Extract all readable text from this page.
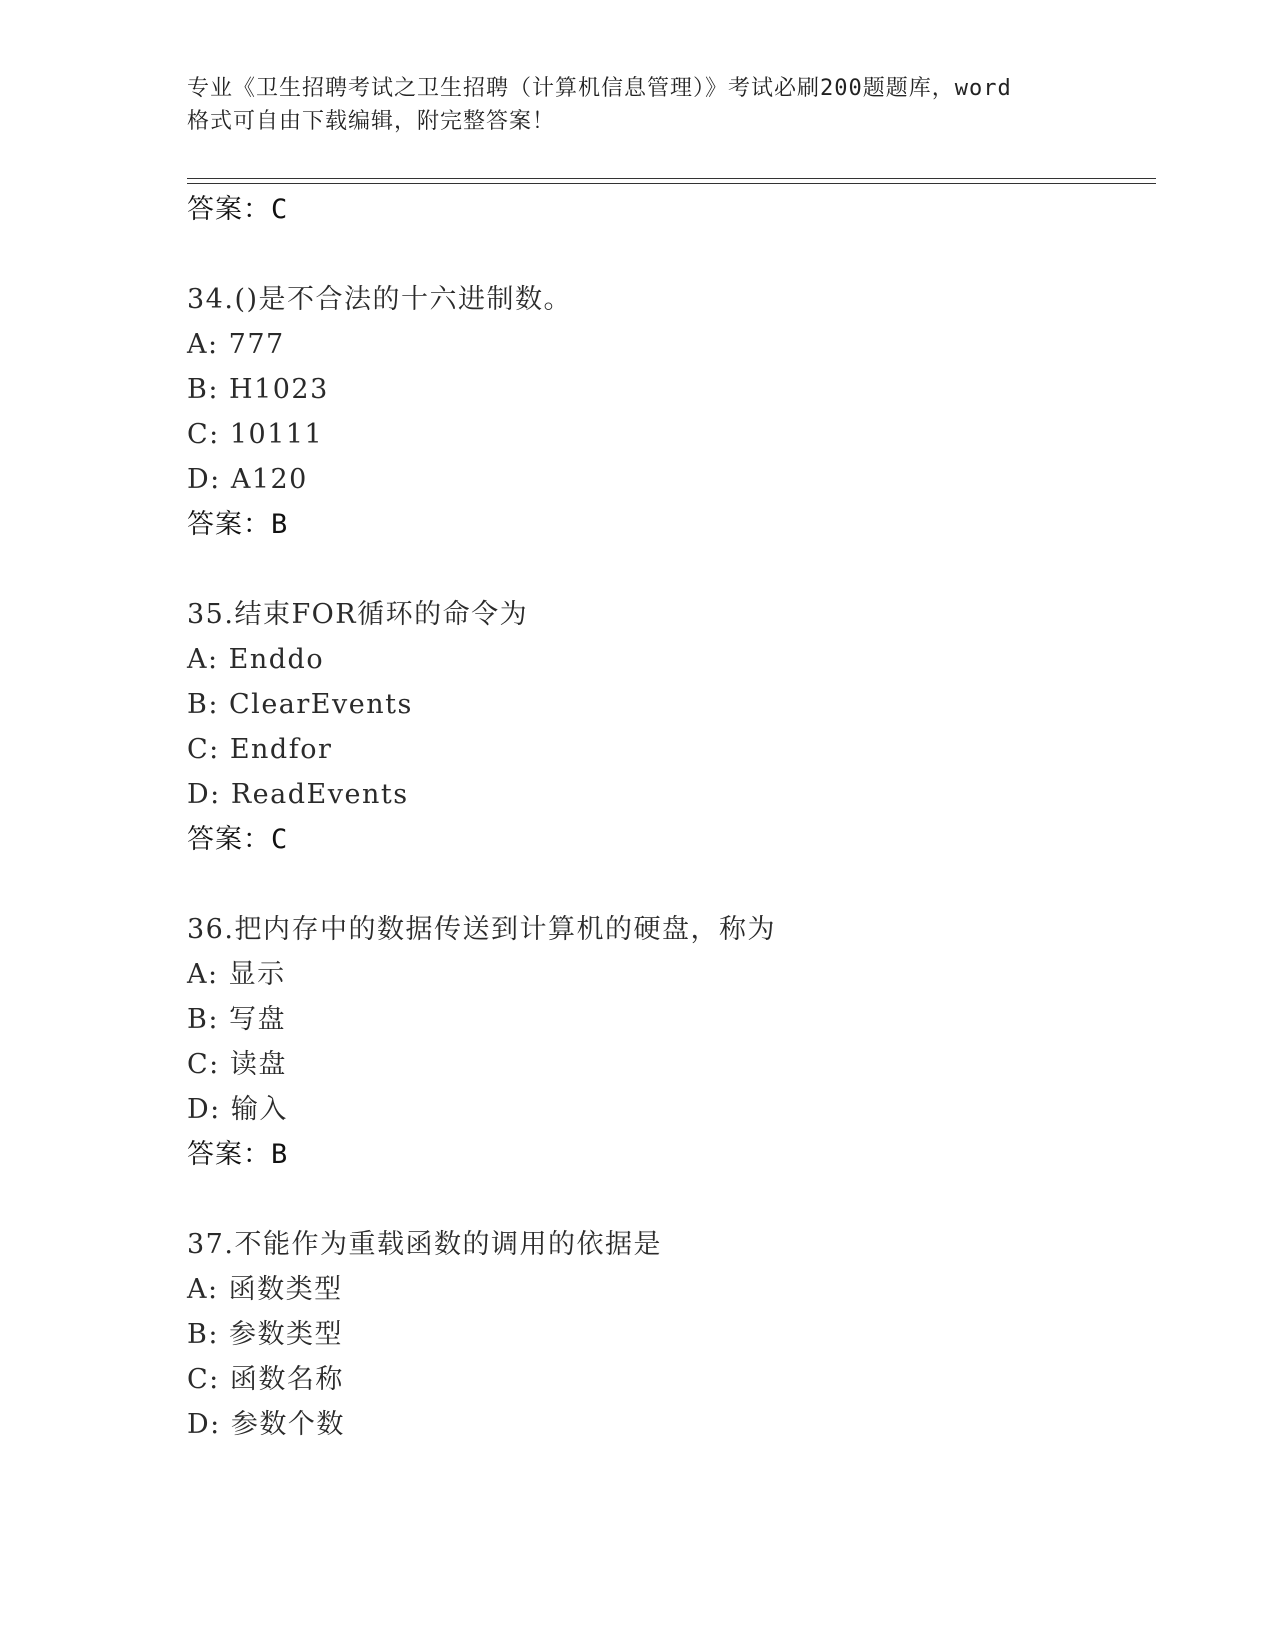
专业《卫生招聘考试之卫生招聘（计算机信息管理）》考试必刷200题题库，word
格式可自由下载编辑，附完整答案！
答案：C
34.()是不合法的十六进制数。
A: 777
B: H1023
C: 10111
D: A120
答案：B
35.结束FOR循环的命令为
A: Enddo
B: ClearEvents
C: Endfor
D: ReadEvents
答案：C
36.把内存中的数据传送到计算机的硬盘，称为
A: 显示
B: 写盘
C: 读盘
D: 输入
答案：B
37.不能作为重载函数的调用的依据是
A: 函数类型
B: 参数类型
C: 函数名称
D: 参数个数
